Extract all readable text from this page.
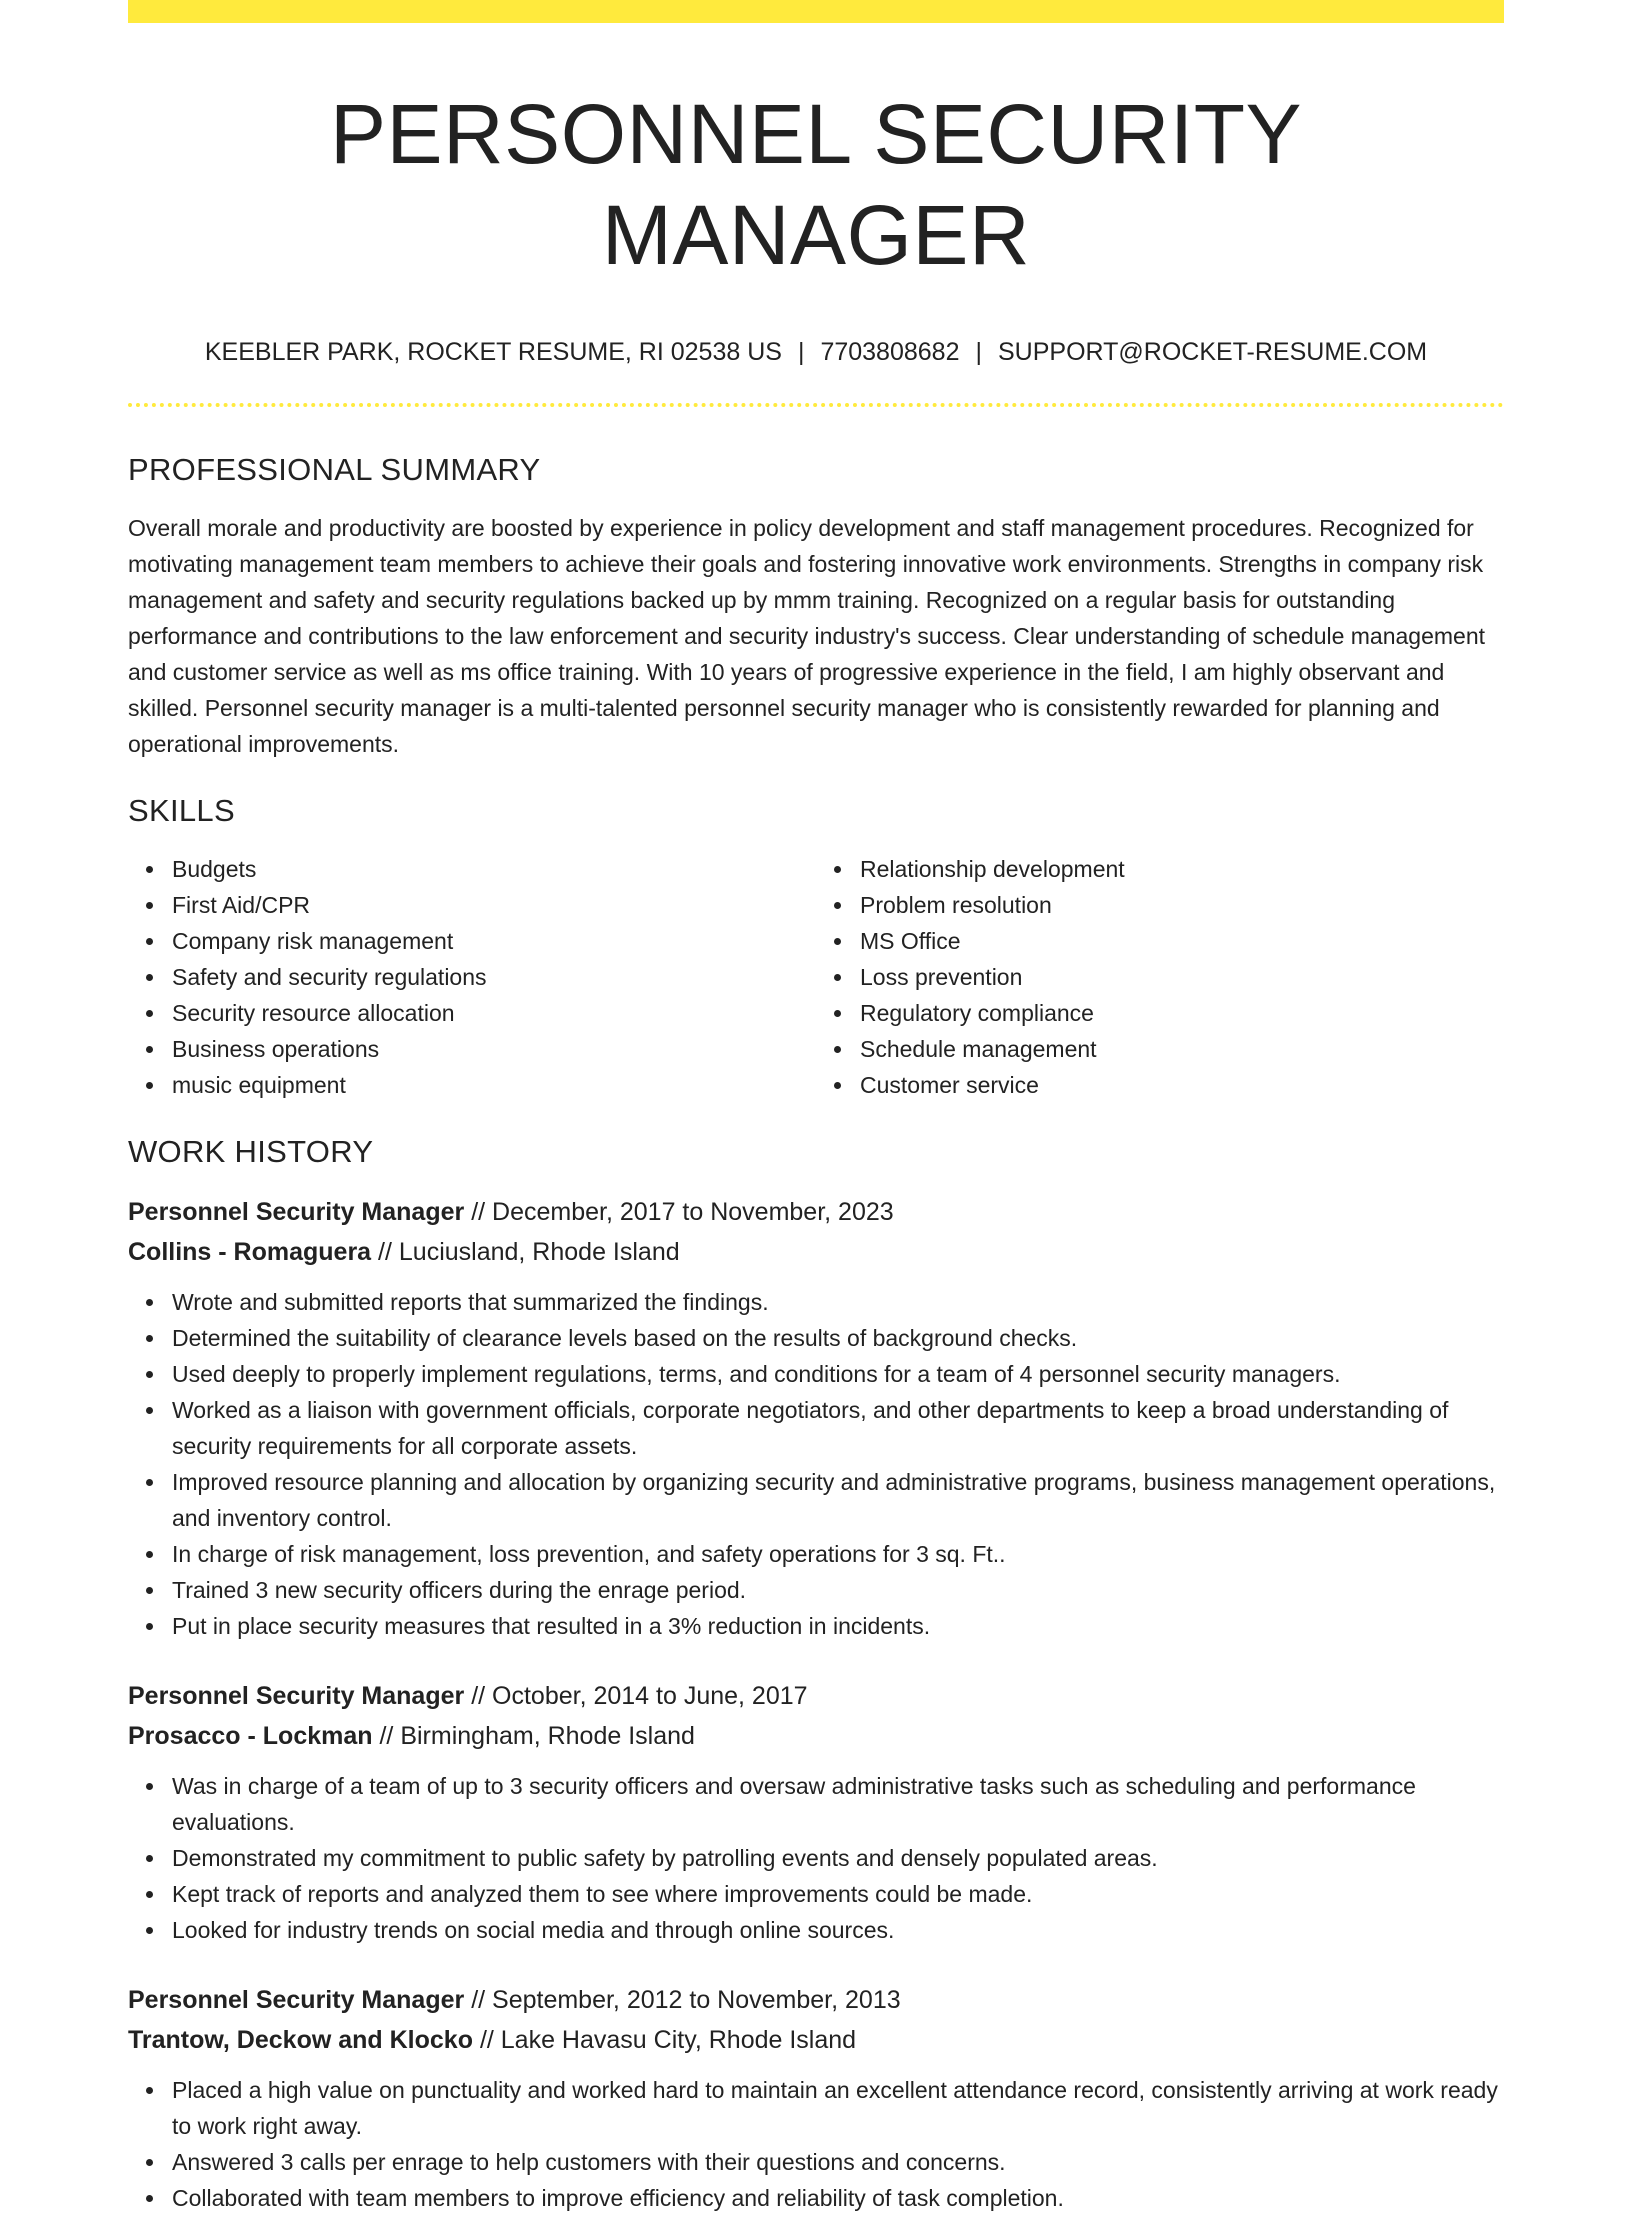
PERSONNEL SECURITY MANAGER
KEEBLER PARK, ROCKET RESUME, RI 02538 US | 7703808682 | SUPPORT@ROCKET-RESUME.COM
PROFESSIONAL SUMMARY

Overall morale and productivity are boosted by experience in policy development and staff management procedures. Recognized for motivating management team members to achieve their goals and fostering innovative work environments. Strengths in company risk management and safety and security regulations backed up by mmm training. Recognized on a regular basis for outstanding performance and contributions to the law enforcement and security industry's success. Clear understanding of schedule management and customer service as well as ms office training. With 10 years of progressive experience in the field, I am highly observant and skilled. Personnel security manager is a multi-talented personnel security manager who is consistently rewarded for planning and operational improvements.

SKILLS
Budgets
First Aid/CPR
Company risk management
Safety and security regulations
Security resource allocation
Business operations
music equipment
Relationship development
Problem resolution
MS Office
Loss prevention
Regulatory compliance
Schedule management
Customer service
WORK HISTORY
Personnel Security Manager // December, 2017 to November, 2023
Collins - Romaguera // Luciusland, Rhode Island
Wrote and submitted reports that summarized the findings.
Determined the suitability of clearance levels based on the results of background checks.
Used deeply to properly implement regulations, terms, and conditions for a team of 4 personnel security managers.
Worked as a liaison with government officials, corporate negotiators, and other departments to keep a broad understanding of security requirements for all corporate assets.
Improved resource planning and allocation by organizing security and administrative programs, business management operations, and inventory control.
In charge of risk management, loss prevention, and safety operations for 3 sq. Ft..
Trained 3 new security officers during the enrage period.
Put in place security measures that resulted in a 3% reduction in incidents.
Personnel Security Manager // October, 2014 to June, 2017
Prosacco - Lockman // Birmingham, Rhode Island
Was in charge of a team of up to 3 security officers and oversaw administrative tasks such as scheduling and performance evaluations.
Demonstrated my commitment to public safety by patrolling events and densely populated areas.
Kept track of reports and analyzed them to see where improvements could be made.
Looked for industry trends on social media and through online sources.
Personnel Security Manager // September, 2012 to November, 2013
Trantow, Deckow and Klocko // Lake Havasu City, Rhode Island
Placed a high value on punctuality and worked hard to maintain an excellent attendance record, consistently arriving at work ready to work right away.
Answered 3 calls per enrage to help customers with their questions and concerns.
Collaborated with team members to improve efficiency and reliability of task completion.
